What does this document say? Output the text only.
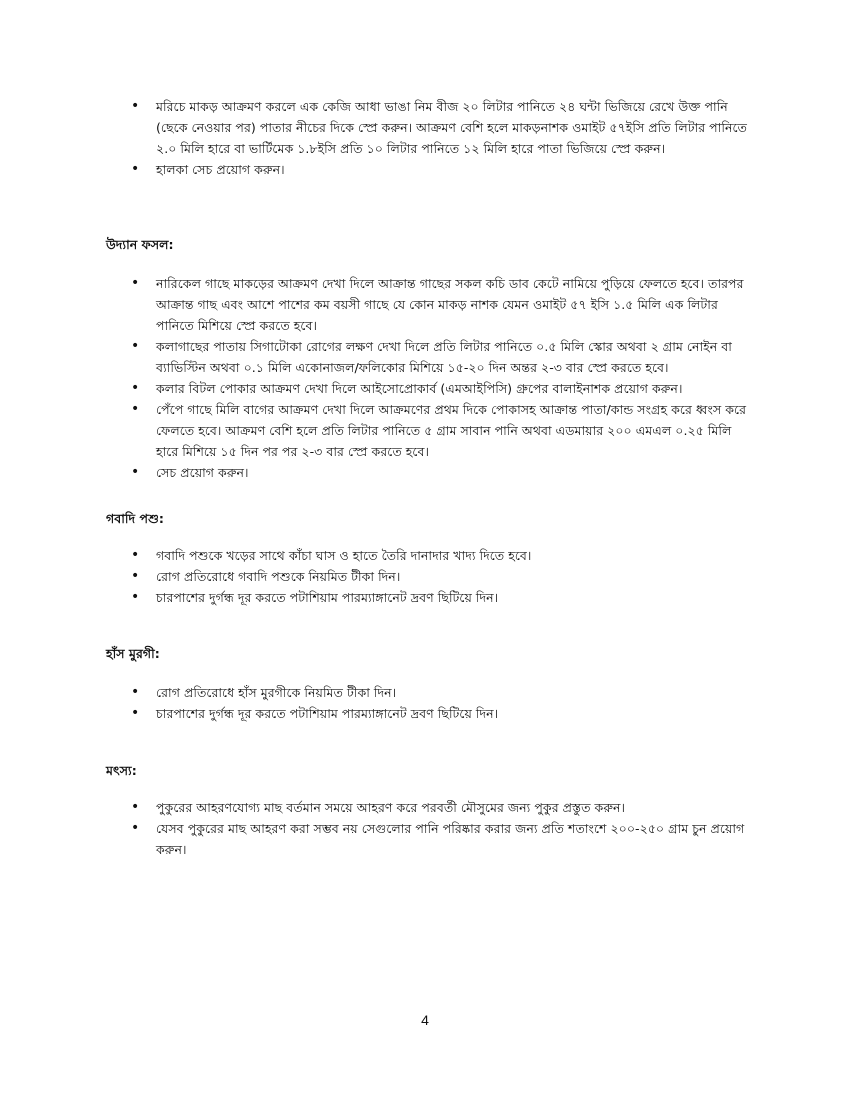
• মরিচে মাকড় আক্রমণ করলে এক কেজি আধা ভাঙা নিম বীজ ২০ লিটার পানিতে ২৪ ঘন্টা ভিজিয়ে রেখে উক্ত পানি (ছেকে নেওয়ার পর) পাতার নীচের দিকে স্প্রে করুন। আক্রমণ বেশি হলে মাকড়নাশক ওমাইট ৫৭ইসি প্রতি লিটার পানিতে ২.০ মিলি হারে বা ভার্টিমেক ১.৮ইসি প্রতি ১০ লিটার পানিতে ১২ মিলি হারে পাতা ভিজিয়ে স্প্রে করুন।
• হালকা সেচ প্রয়োগ করুন।
উদ্যান ফসল:
• নারিকেল গাছে মাকড়ের আক্রমণ দেখা দিলে আক্রান্ত গাছের সকল কচি ডাব কেটে নামিয়ে পুড়িয়ে ফেলতে হবে। তারপর আক্রান্ত গাছ এবং আশে পাশের কম বয়সী গাছে যে কোন মাকড় নাশক যেমন ওমাইট ৫৭ ইসি ১.৫ মিলি এক লিটার পানিতে মিশিয়ে স্প্রে করতে হবে।
• কলাগাছের পাতায় সিগাটোকা রোগের লক্ষণ দেখা দিলে প্রতি লিটার পানিতে ০.৫ মিলি স্কোর অথবা ২ গ্রাম নোইন বা ব্যাভিস্টিন অথবা ০.১ মিলি একোনাজল/ফলিকোর মিশিয়ে ১৫-২০ দিন অন্তর ২-৩ বার স্প্রে করতে হবে।
• কলার বিটল পোকার আক্রমণ দেখা দিলে আইসোপ্রোকার্ব (এমআইপিসি) গ্রুপের বালাইনাশক প্রয়োগ করুন।
• পেঁপে গাছে মিলি বাগের আক্রমণ দেখা দিলে আক্রমণের প্রথম দিকে পোকাসহ আক্রান্ত পাতা/কান্ড সংগ্রহ করে ধ্বংস করে ফেলতে হবে। আক্রমণ বেশি হলে প্রতি লিটার পানিতে ৫ গ্রাম সাবান পানি অথবা এডমায়ার ২০০ এমএল ০.২৫ মিলি হারে মিশিয়ে ১৫ দিন পর পর ২-৩ বার স্প্রে করতে হবে।
• সেচ প্রয়োগ করুন।
গবাদি পশু:
• গবাদি পশুকে খড়ের সাথে কাঁচা ঘাস ও হাতে তৈরি দানাদার খাদ্য দিতে হবে।
• রোগ প্রতিরোধে গবাদি পশুকে নিয়মিত টীকা দিন।
• চারপাশের দুর্গন্ধ দূর করতে পটাশিয়াম পারম্যাঙ্গানেট দ্রবণ ছিটিয়ে দিন।
হাঁস মুরগী:
• রোগ প্রতিরোধে হাঁস মুরগীকে নিয়মিত টীকা দিন।
• চারপাশের দুর্গন্ধ দূর করতে পটাশিয়াম পারম্যাঙ্গানেট দ্রবণ ছিটিয়ে দিন।
মৎস্য:
• পুকুরের আহরণযোগ্য মাছ বর্তমান সময়ে আহরণ করে পরবর্তী মৌসুমের জন্য পুকুর প্রস্তুত করুন।
• যেসব পুকুরের মাছ আহরণ করা সম্ভব নয় সেগুলোর পানি পরিষ্কার করার জন্য প্রতি শতাংশে ২০০-২৫০ গ্রাম চুন প্রয়োগ করুন।
4
